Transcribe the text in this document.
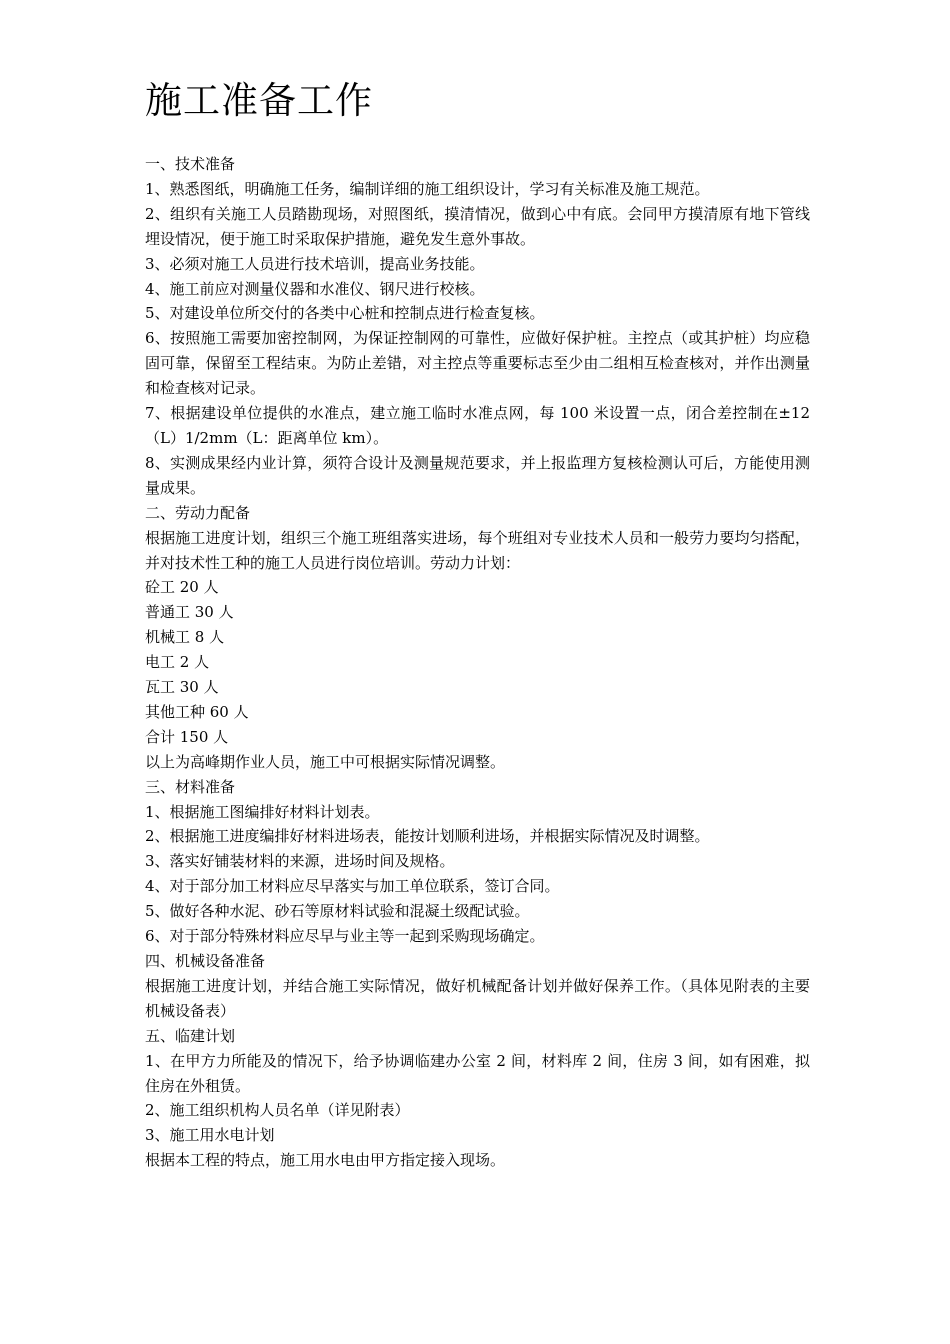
施工准备工作

一、技术准备

1、熟悉图纸，明确施工任务，编制详细的施工组织设计，学习有关标准及施工规范。

2、组织有关施工人员踏勘现场，对照图纸，摸清情况，做到心中有底。会同甲方摸清原有地下管线埋设情况，便于施工时采取保护措施，避免发生意外事故。

3、必须对施工人员进行技术培训，提高业务技能。

4、施工前应对测量仪器和水准仪、钢尺进行校核。

5、对建设单位所交付的各类中心桩和控制点进行检查复核。

6、按照施工需要加密控制网，为保证控制网的可靠性，应做好保护桩。主控点（或其护桩）均应稳固可靠，保留至工程结束。为防止差错，对主控点等重要标志至少由二组相互检查核对，并作出测量和检查核对记录。

7、根据建设单位提供的水准点，建立施工临时水准点网，每 100 米设置一点，闭合差控制在±12（L）1/2mm（L：距离单位 km）。

8、实测成果经内业计算，须符合设计及测量规范要求，并上报监理方复核检测认可后，方能使用测量成果。

二、劳动力配备

根据施工进度计划，组织三个施工班组落实进场，每个班组对专业技术人员和一般劳力要均匀搭配，并对技术性工种的施工人员进行岗位培训。劳动力计划：

砼工 20 人

普通工 30 人

机械工 8 人

电工 2 人

瓦工 30 人

其他工种 60 人

合计 150 人

以上为高峰期作业人员，施工中可根据实际情况调整。

三、材料准备

1、根据施工图编排好材料计划表。

2、根据施工进度编排好材料进场表，能按计划顺利进场，并根据实际情况及时调整。

3、落实好铺装材料的来源，进场时间及规格。

4、对于部分加工材料应尽早落实与加工单位联系，签订合同。

5、做好各种水泥、砂石等原材料试验和混凝土级配试验。

6、对于部分特殊材料应尽早与业主等一起到采购现场确定。

四、机械设备准备

根据施工进度计划，并结合施工实际情况，做好机械配备计划并做好保养工作。（具体见附表的主要机械设备表）

五、临建计划

1、在甲方力所能及的情况下，给予协调临建办公室 2 间，材料库 2 间，住房 3 间，如有困难，拟住房在外租赁。

2、施工组织机构人员名单（详见附表）

3、施工用水电计划

根据本工程的特点，施工用水电由甲方指定接入现场。
